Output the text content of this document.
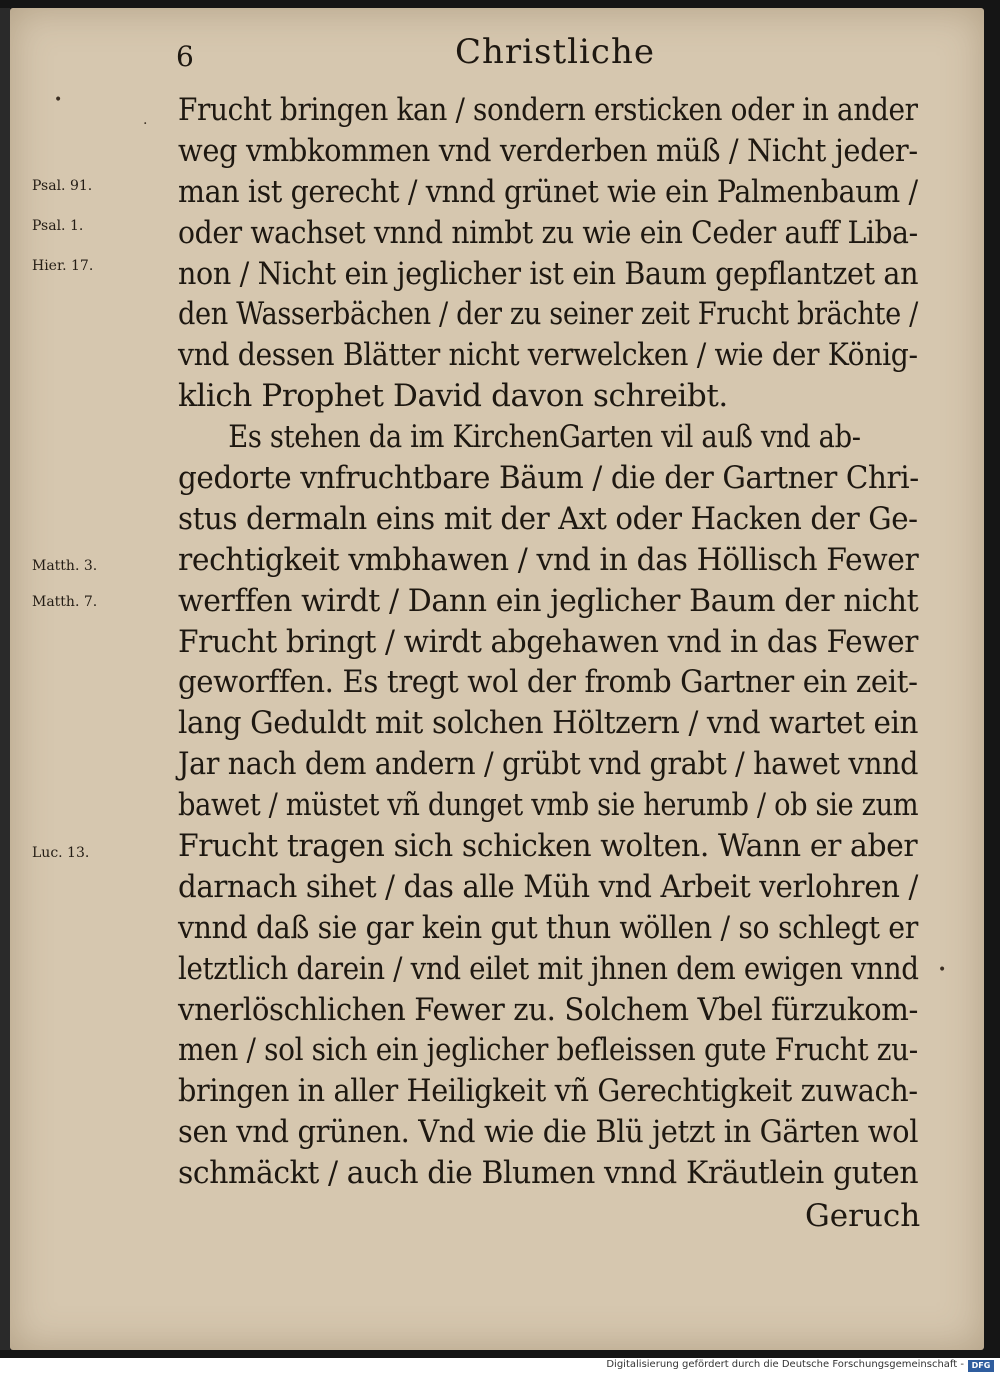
6	Christliche
•
.
Psal. 91.
Psal. 1.
Hier. 17.
Matth. 3.
Matth. 7.
Luc. 13.
•
Frucht bringen kan / sondern ersticken oder in ander
weg vmbkommen vnd verderben müß / Nicht jeder-
man ist gerecht / vnnd grünet wie ein Palmenbaum /
oder wachset vnnd nimbt zu wie ein Ceder auff Liba-
non / Nicht ein jeglicher ist ein Baum gepflantzet an
den Wasserbächen / der zu seiner zeit Frucht brächte /
vnd dessen Blätter nicht verwelcken / wie der König-
klich Prophet David davon schreibt.
Es stehen da im KirchenGarten vil auß vnd ab-
gedorte vnfruchtbare Bäum / die der Gartner Chri-
stus dermaln eins mit der Axt oder Hacken der Ge-
rechtigkeit vmbhawen / vnd in das Höllisch Fewer
werffen wirdt / Dann ein jeglicher Baum der nicht
Frucht bringt / wirdt abgehawen vnd in das Fewer
geworffen. Es tregt wol der fromb Gartner ein zeit-
lang Geduldt mit solchen Höltzern / vnd wartet ein
Jar nach dem andern / grübt vnd grabt / hawet vnnd
bawet / müstet vñ dunget vmb sie herumb / ob sie zum
Frucht tragen sich schicken wolten. Wann er aber
darnach sihet / das alle Müh vnd Arbeit verlohren /
vnnd daß sie gar kein gut thun wöllen / so schlegt er
letztlich darein / vnd eilet mit jhnen dem ewigen vnnd
vnerlöschlichen Fewer zu. Solchem Vbel fürzukom-
men / sol sich ein jeglicher befleissen gute Frucht zu-
bringen in aller Heiligkeit vñ Gerechtigkeit zuwach-
sen vnd grünen. Vnd wie die Blü jetzt in Gärten wol
schmäckt / auch die Blumen vnnd Kräutlein guten
Geruch
Digitalisierung gefördert durch die Deutsche Forschungsgemeinschaft - DFG
